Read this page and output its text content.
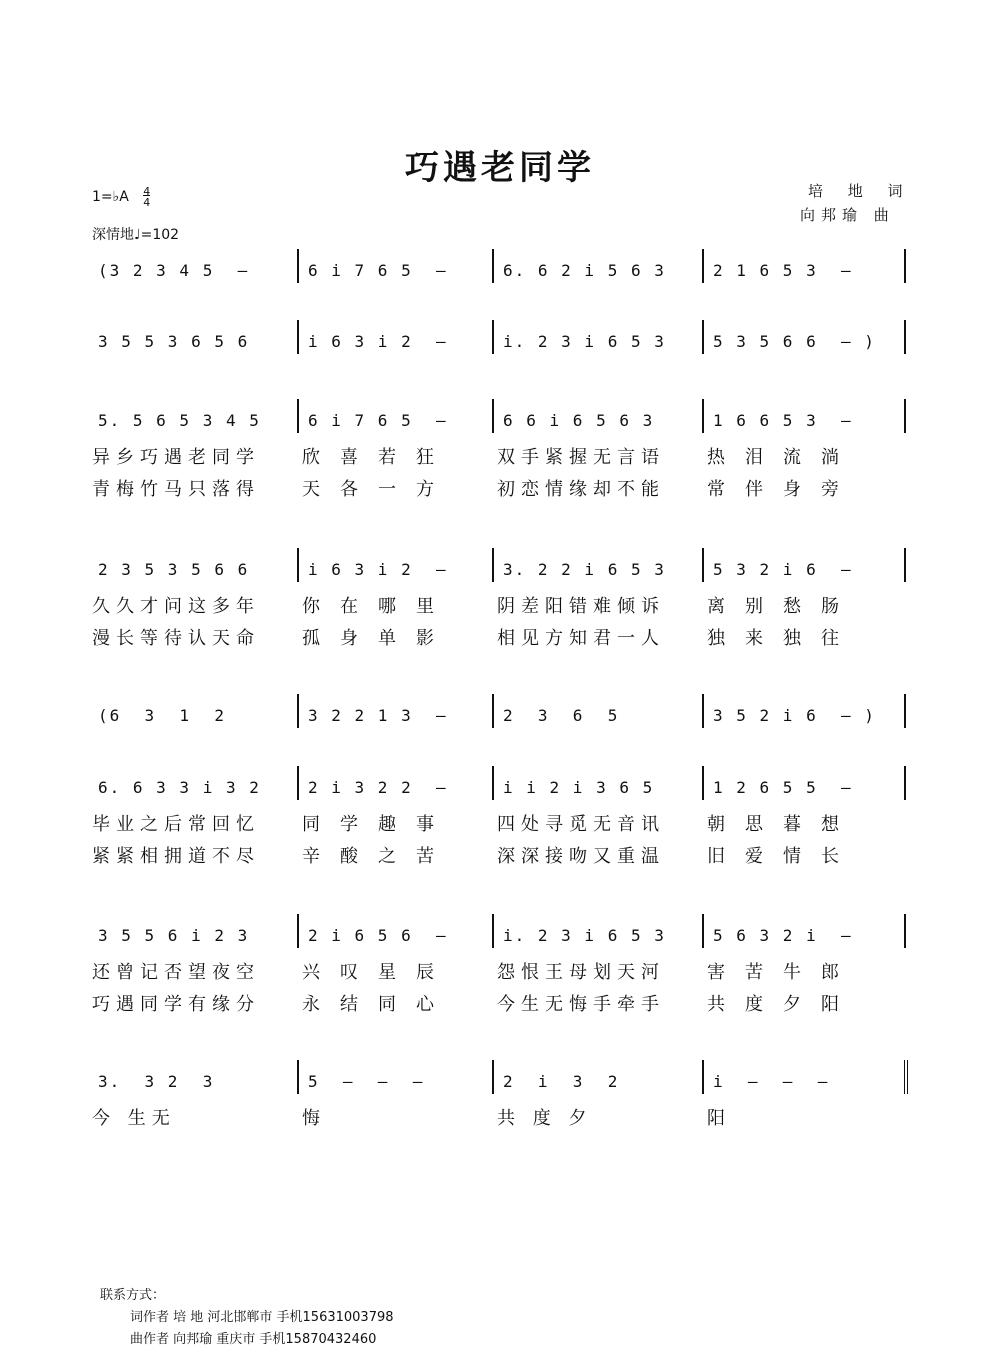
巧遇老同学
1=♭A $\frac{4}{4}$
深情地♩=102
培 地 词
向邦瑜 曲
(3 2 3 4 5  –	6 i 7 6 5  –	6. 6 2 i 5 6 3	2 1 6 5 3  –
3 5 5 3 6 5 6	i 6 3 i 2  –	i. 2 3 i 6 5 3	5 3 5 6 6  – )
5. 5 6 5 3 4 5	6 i 7 6 5  –	6 6 i 6 5 6 3	1 6 6 5 3  –
异乡巧遇老同学 欣喜若狂 双手紧握无言语 热泪流淌
青梅竹马只落得 天各一方 初恋情缘却不能 常伴身旁
2 3 5 3 5 6 6	i 6 3 i 2  –	3. 2 2 i 6 5 3	5 3 2 i 6  –
久久才问这多年 你在哪里 阴差阳错难倾诉 离别愁肠
漫长等待认天命 孤身单影 相见方知君一人 独来独往
(6  3  1  2	3 2 2 1 3  –	2  3  6  5	3 5 2 i 6  – )
6. 6 3 3 i 3 2	2 i 3 2 2  –	i i 2 i 3 6 5	1 2 6 5 5  –
毕业之后常回忆 同学趣事 四处寻觅无音讯 朝思暮想
紧紧相拥道不尽 辛酸之苦 深深接吻又重温 旧爱情长
3 5 5 6 i 2 3	2 i 6 5 6  –	i. 2 3 i 6 5 3	5 6 3 2 i  –
还曾记否望夜空 兴叹星辰 怨恨王母划天河 害苦牛郎
巧遇同学有缘分 永结同心 今生无悔手牵手 共度夕阳
3.  3 2  3	5  –  –  –	2  i  3  2	i  –  –  –
今 生无	悔	共 度 夕	阳
联系方式：
词作者 培 地 河北邯郸市 手机15631003798
曲作者 向邦瑜 重庆市 手机15870432460
